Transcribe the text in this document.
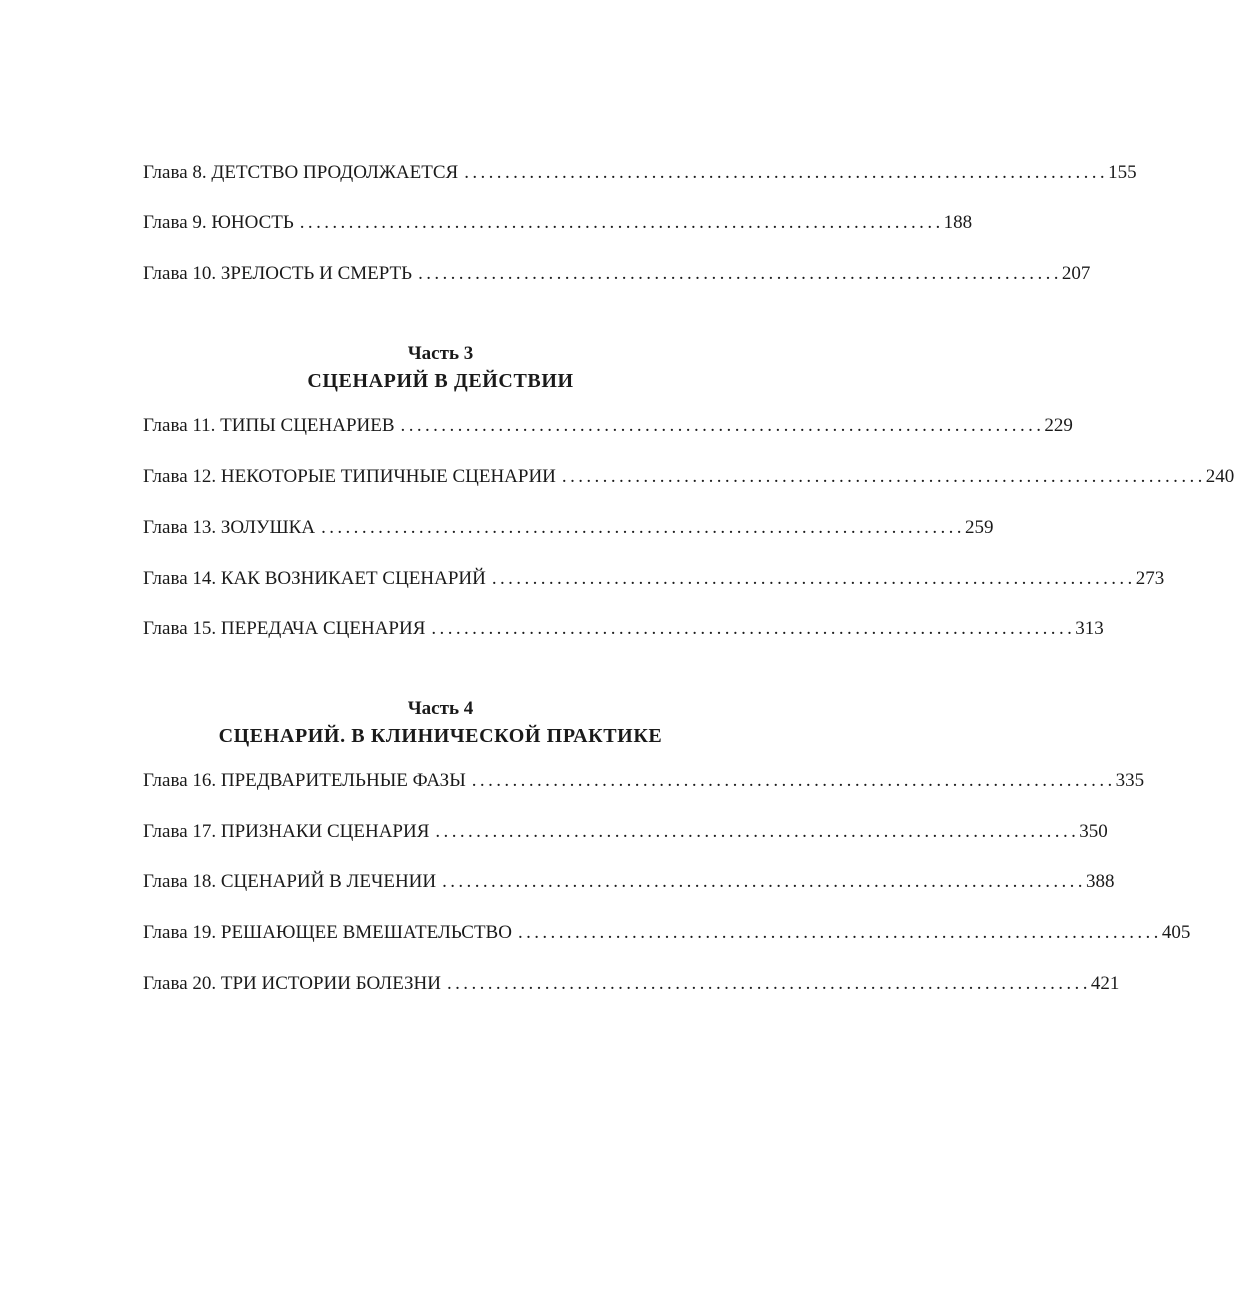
Глава 8. ДЕТСТВО ПРОДОЛЖАЕТСЯ ............................................................................... 155
Глава 9. ЮНОСТЬ ............................................................................... 188
Глава 10. ЗРЕЛОСТЬ И СМЕРТЬ ............................................................................... 207
Часть 3
СЦЕНАРИЙ В ДЕЙСТВИИ
Глава 11. ТИПЫ СЦЕНАРИЕВ ............................................................................... 229
Глава 12. НЕКОТОРЫЕ ТИПИЧНЫЕ СЦЕНАРИИ ............................................................................... 240
Глава 13. ЗОЛУШКА ............................................................................... 259
Глава 14. КАК ВОЗНИКАЕТ СЦЕНАРИЙ ............................................................................... 273
Глава 15. ПЕРЕДАЧА СЦЕНАРИЯ ............................................................................... 313
Часть 4
СЦЕНАРИЙ. В КЛИНИЧЕСКОЙ ПРАКТИКЕ
Глава 16. ПРЕДВАРИТЕЛЬНЫЕ ФАЗЫ ............................................................................... 335
Глава 17. ПРИЗНАКИ СЦЕНАРИЯ ............................................................................... 350
Глава 18. СЦЕНАРИЙ В ЛЕЧЕНИИ ............................................................................... 388
Глава 19. РЕШАЮЩЕЕ ВМЕШАТЕЛЬСТВО ............................................................................... 405
Глава 20. ТРИ ИСТОРИИ БОЛЕЗНИ ............................................................................... 421
